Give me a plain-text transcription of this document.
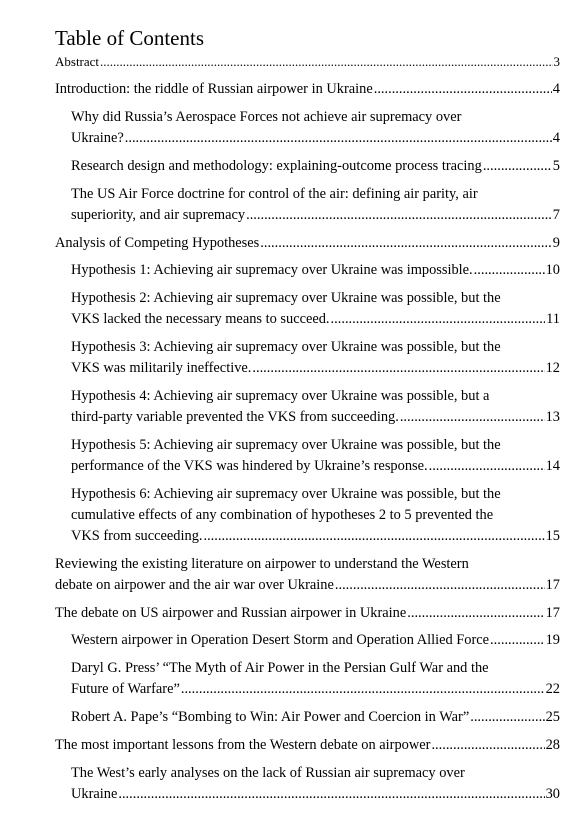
Table of Contents
Abstract .....	3
Introduction: the riddle of Russian airpower in Ukraine .....	4
Why did Russia’s Aerospace Forces not achieve air supremacy over
Ukraine? .....	4
Research design and methodology: explaining-outcome process tracing .....	5
The US Air Force doctrine for control of the air: defining air parity, air
superiority, and air supremacy .....	7
Analysis of Competing Hypotheses .....	9
Hypothesis 1: Achieving air supremacy over Ukraine was impossible. .....	10
Hypothesis 2: Achieving air supremacy over Ukraine was possible, but the
VKS lacked the necessary means to succeed. .....	11
Hypothesis 3: Achieving air supremacy over Ukraine was possible, but the
VKS was militarily ineffective. .....	12
Hypothesis 4: Achieving air supremacy over Ukraine was possible, but a
third-party variable prevented the VKS from succeeding. .....	13
Hypothesis 5: Achieving air supremacy over Ukraine was possible, but the
performance of the VKS was hindered by Ukraine’s response. .....	14
Hypothesis 6: Achieving air supremacy over Ukraine was possible, but the
cumulative effects of any combination of hypotheses 2 to 5 prevented the
VKS from succeeding. .....	15
Reviewing the existing literature on airpower to understand the Western
debate on airpower and the air war over Ukraine .....	17
The debate on US airpower and Russian airpower in Ukraine .....	17
Western airpower in Operation Desert Storm and Operation Allied Force .....	19
Daryl G. Press’ “The Myth of Air Power in the Persian Gulf War and the
Future of Warfare” .....	22
Robert A. Pape’s “Bombing to Win: Air Power and Coercion in War” .....	25
The most important lessons from the Western debate on airpower .....	28
The West’s early analyses on the lack of Russian air supremacy over
Ukraine .....	30
